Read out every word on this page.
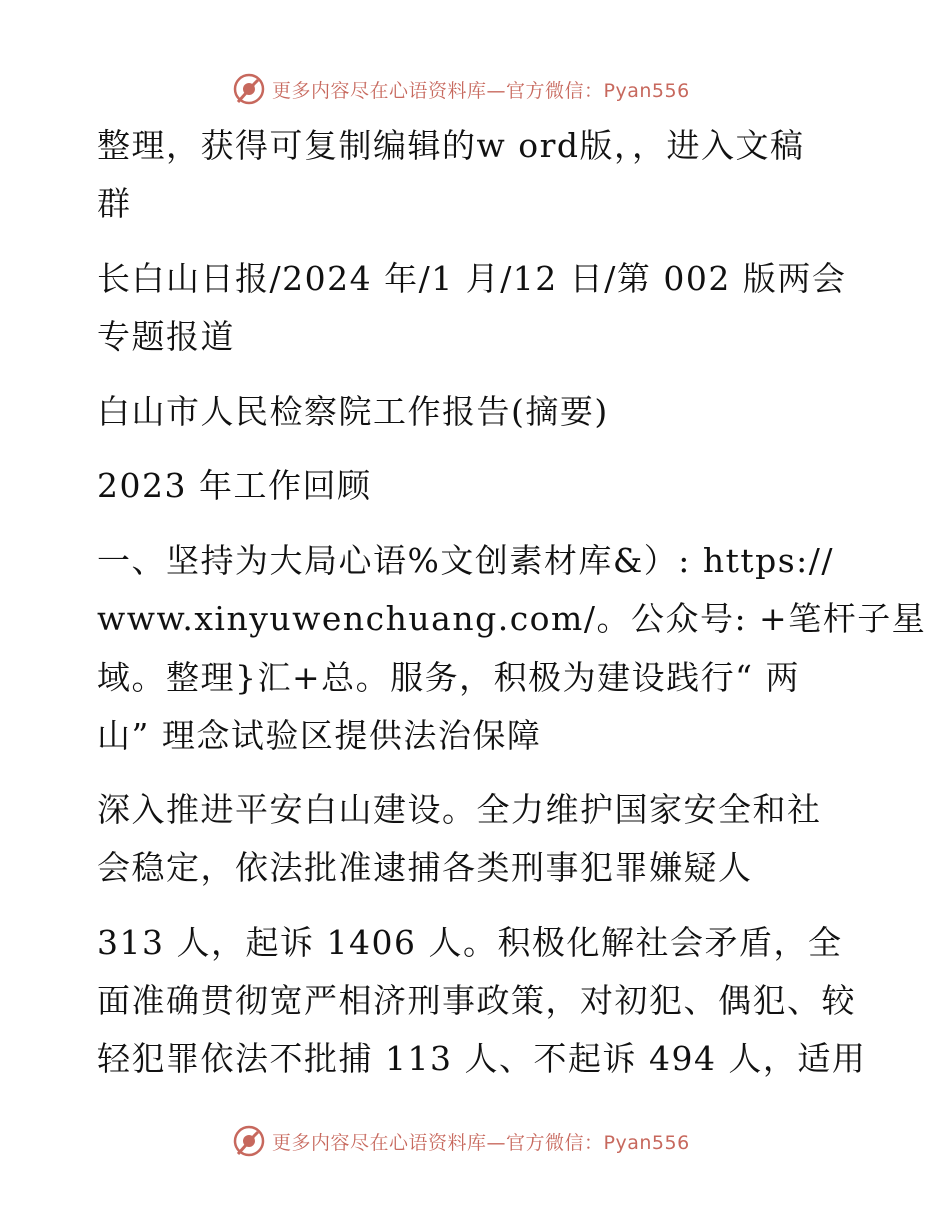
更多内容尽在心语资料库—官方微信：Pyan556
整理，获得可复制编辑的w ord版，，进入文稿
群
长白山日报/2024 年/1 月/12 日/第 002 版两会
专题报道
白山市人民检察院工作报告(摘要)
2023 年工作回顾
一、坚持为大局心语%文创素材库&）: https://
www.xinyuwenchuang.com/。公众号: +笔杆子星
域。整理}汇+总。服务，积极为建设践行“ 两
山” 理念试验区提供法治保障
深入推进平安白山建设。全力维护国家安全和社
会稳定，依法批准逮捕各类刑事犯罪嫌疑人
313 人，起诉 1406 人。积极化解社会矛盾，全
面准确贯彻宽严相济刑事政策，对初犯、偶犯、较
轻犯罪依法不批捕 113 人、不起诉 494 人，适用
更多内容尽在心语资料库—官方微信：Pyan556
